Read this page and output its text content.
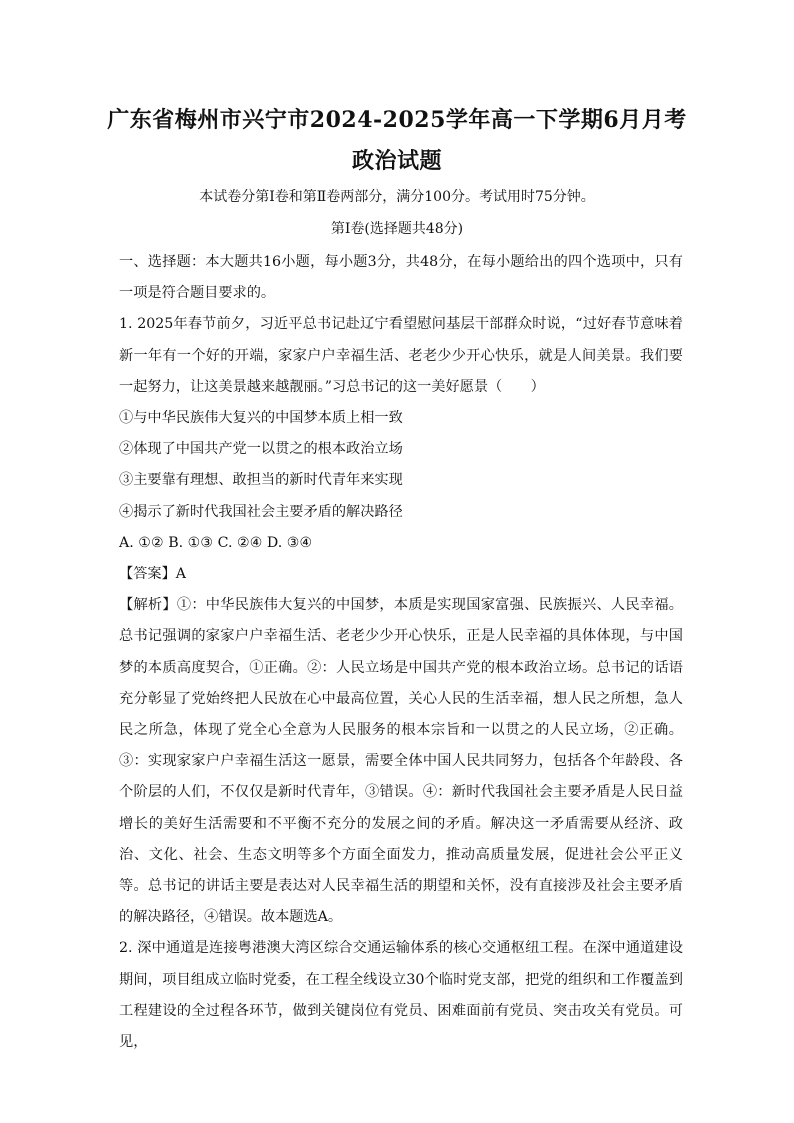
广东省梅州市兴宁市2024-2025学年高一下学期6月月考
政治试题

本试卷分第Ⅰ卷和第Ⅱ卷两部分，满分100分。考试用时75分钟。

第Ⅰ卷(选择题共48分)

一、选择题：本大题共16小题，每小题3分，共48分，在每小题给出的四个选项中，只有一项是符合题目要求的。

1. 2025年春节前夕，习近平总书记赴辽宁看望慰问基层干部群众时说，“过好春节意味着新一年有一个好的开端，家家户户幸福生活、老老少少开心快乐，就是人间美景。我们要一起努力，让这美景越来越靓丽。”习总书记的这一美好愿景（　　）

①与中华民族伟大复兴的中国梦本质上相一致

②体现了中国共产党一以贯之的根本政治立场

③主要靠有理想、敢担当的新时代青年来实现

④揭示了新时代我国社会主要矛盾的解决路径

A. ①② B. ①③ C. ②④ D. ③④

【答案】A

【解析】①：中华民族伟大复兴的中国梦，本质是实现国家富强、民族振兴、人民幸福。总书记强调的家家户户幸福生活、老老少少开心快乐，正是人民幸福的具体体现，与中国梦的本质高度契合，①正确。②：人民立场是中国共产党的根本政治立场。总书记的话语充分彰显了党始终把人民放在心中最高位置，关心人民的生活幸福，想人民之所想，急人民之所急，体现了党全心全意为人民服务的根本宗旨和一以贯之的人民立场，②正确。③：实现家家户户幸福生活这一愿景，需要全体中国人民共同努力，包括各个年龄段、各个阶层的人们，不仅仅是新时代青年，③错误。④：新时代我国社会主要矛盾是人民日益增长的美好生活需要和不平衡不充分的发展之间的矛盾。解决这一矛盾需要从经济、政治、文化、社会、生态文明等多个方面全面发力，推动高质量发展，促进社会公平正义等。总书记的讲话主要是表达对人民幸福生活的期望和关怀，没有直接涉及社会主要矛盾的解决路径，④错误。故本题选A。

2. 深中通道是连接粤港澳大湾区综合交通运输体系的核心交通枢纽工程。在深中通道建设期间，项目组成立临时党委，在工程全线设立30个临时党支部，把党的组织和工作覆盖到工程建设的全过程各环节，做到关键岗位有党员、困难面前有党员、突击攻关有党员。可见，
